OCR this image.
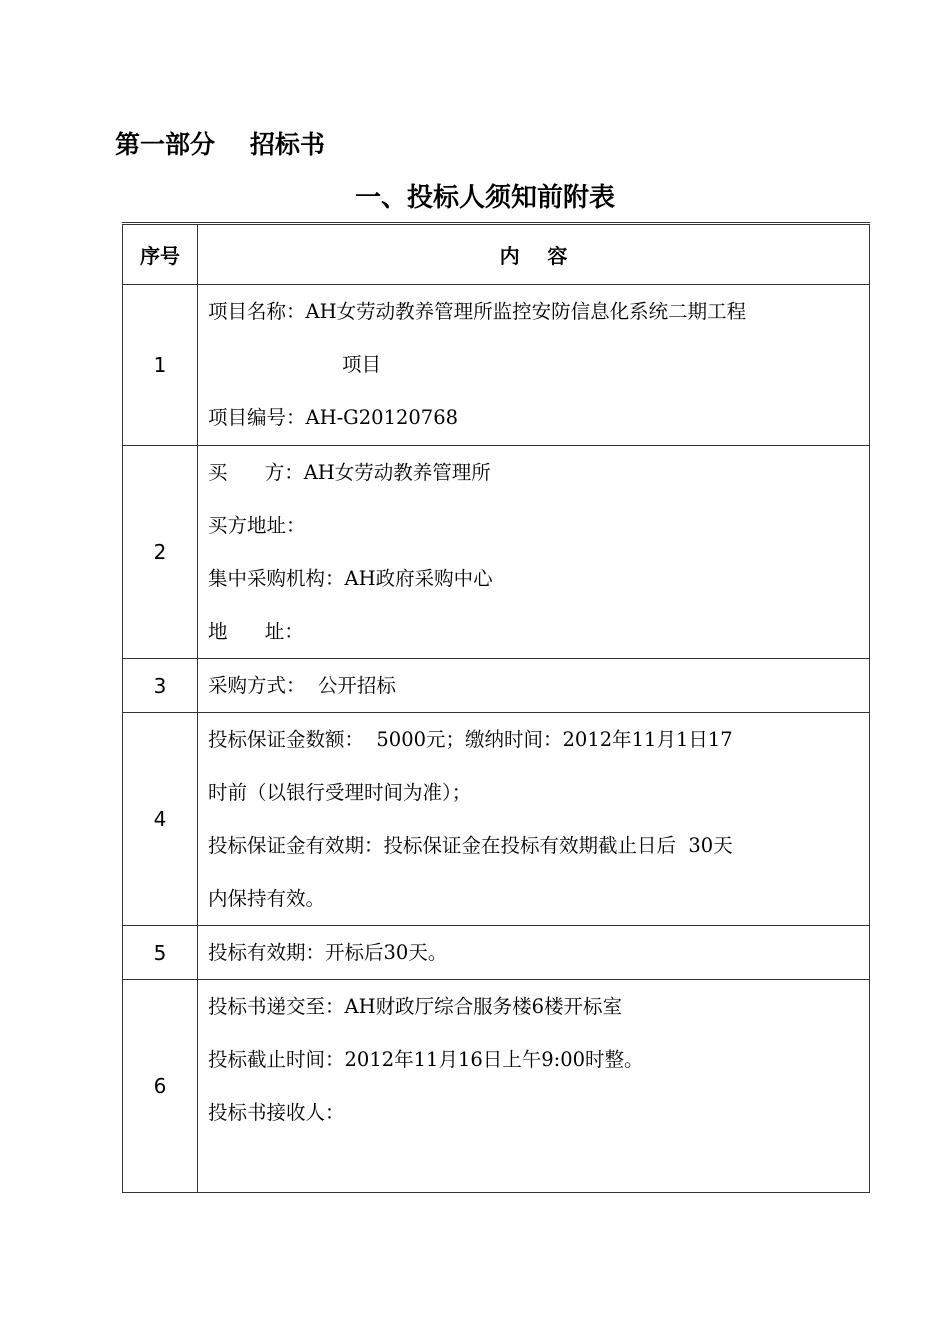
第一部分    招标书
一、投标人须知前附表
序号	内    容
1	项目名称：AH女劳动教养管理所监控安防信息化系统二期工程
项目
项目编号：AH-G20120768

2	买      方：AH女劳动教养管理所
买方地址：
集中采购机构：AH政府采购中心
地      址：

3	采购方式：  公开招标

4	投标保证金数额：  5000元；缴纳时间：2012年11月1日17
时前（以银行受理时间为准）；
投标保证金有效期：投标保证金在投标有效期截止日后  30天
内保持有效。

5	投标有效期：开标后30天。

6	投标书递交至：AH财政厅综合服务楼6楼开标室
投标截止时间：2012年11月16日上午9:00时整。
投标书接收人：
